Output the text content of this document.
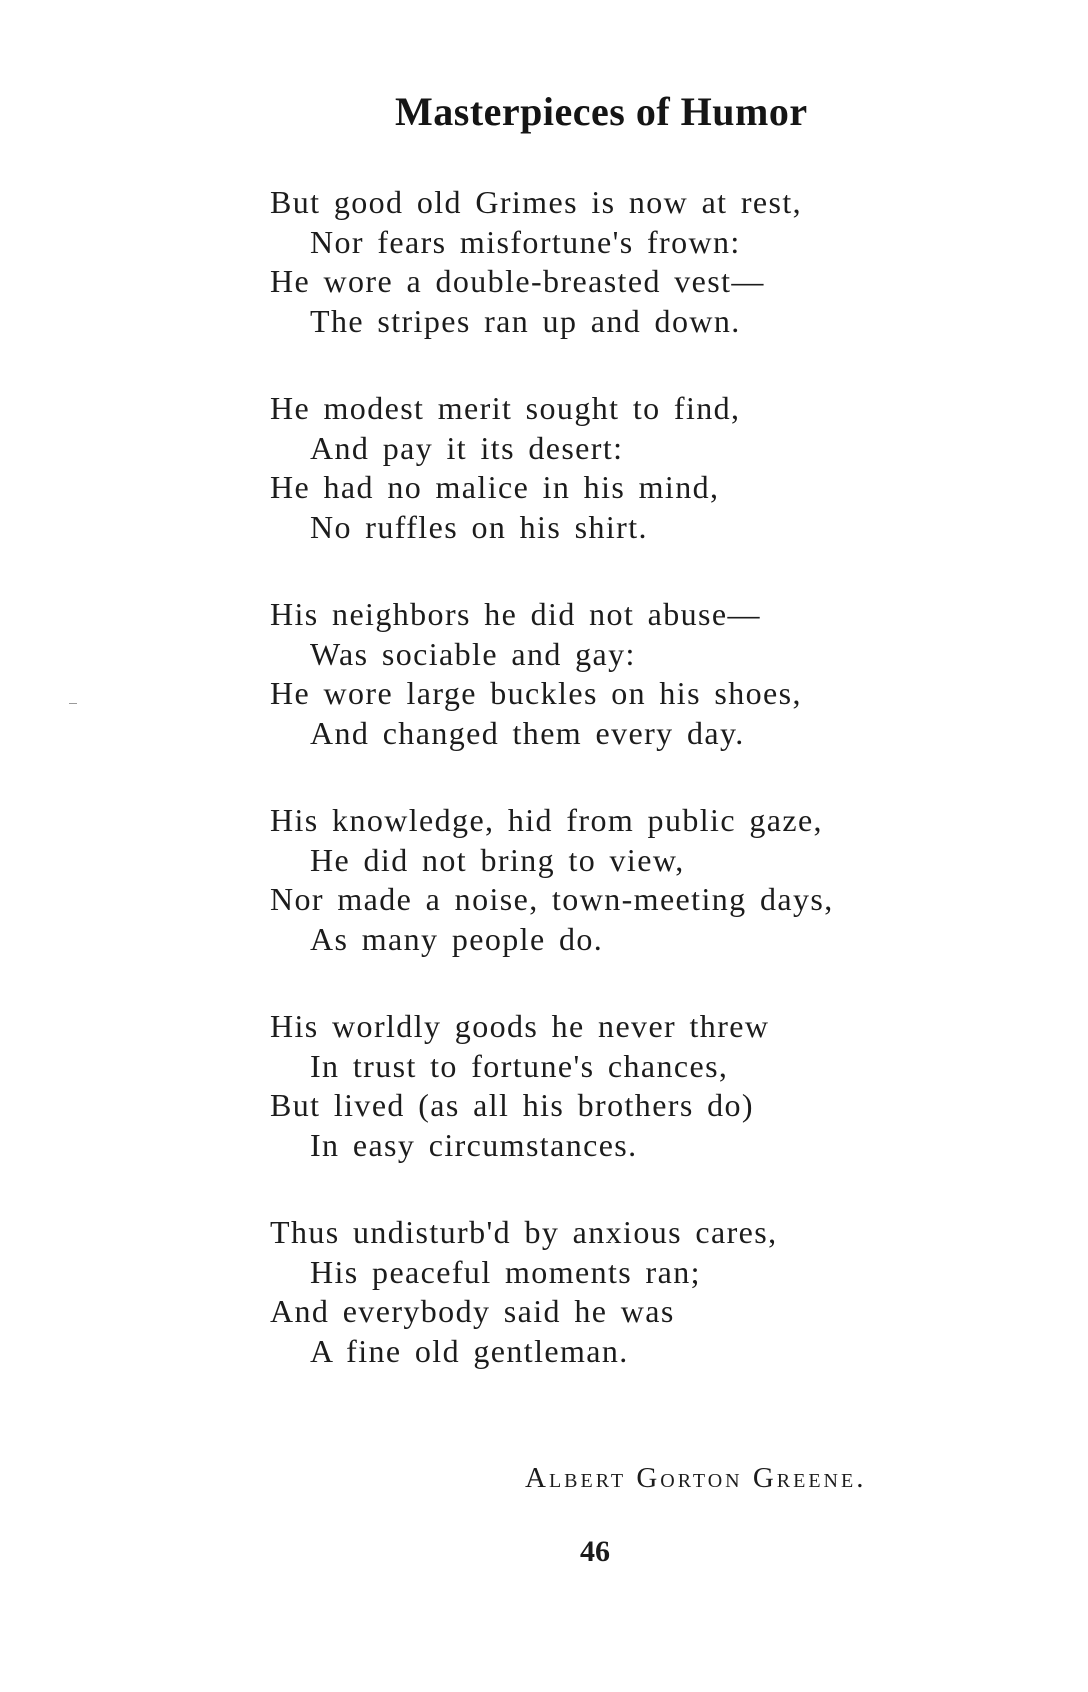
Masterpieces of Humor
But good old Grimes is now at rest,
Nor fears misfortune's frown:
He wore a double-breasted vest—
The stripes ran up and down.
He modest merit sought to find,
And pay it its desert:
He had no malice in his mind,
No ruffles on his shirt.
His neighbors he did not abuse—
Was sociable and gay:
He wore large buckles on his shoes,
And changed them every day.
His knowledge, hid from public gaze,
He did not bring to view,
Nor made a noise, town-meeting days,
As many people do.
His worldly goods he never threw
In trust to fortune's chances,
But lived (as all his brothers do)
In easy circumstances.
Thus undisturb'd by anxious cares,
His peaceful moments ran;
And everybody said he was
A fine old gentleman.
Albert Gorton Greene.
46
